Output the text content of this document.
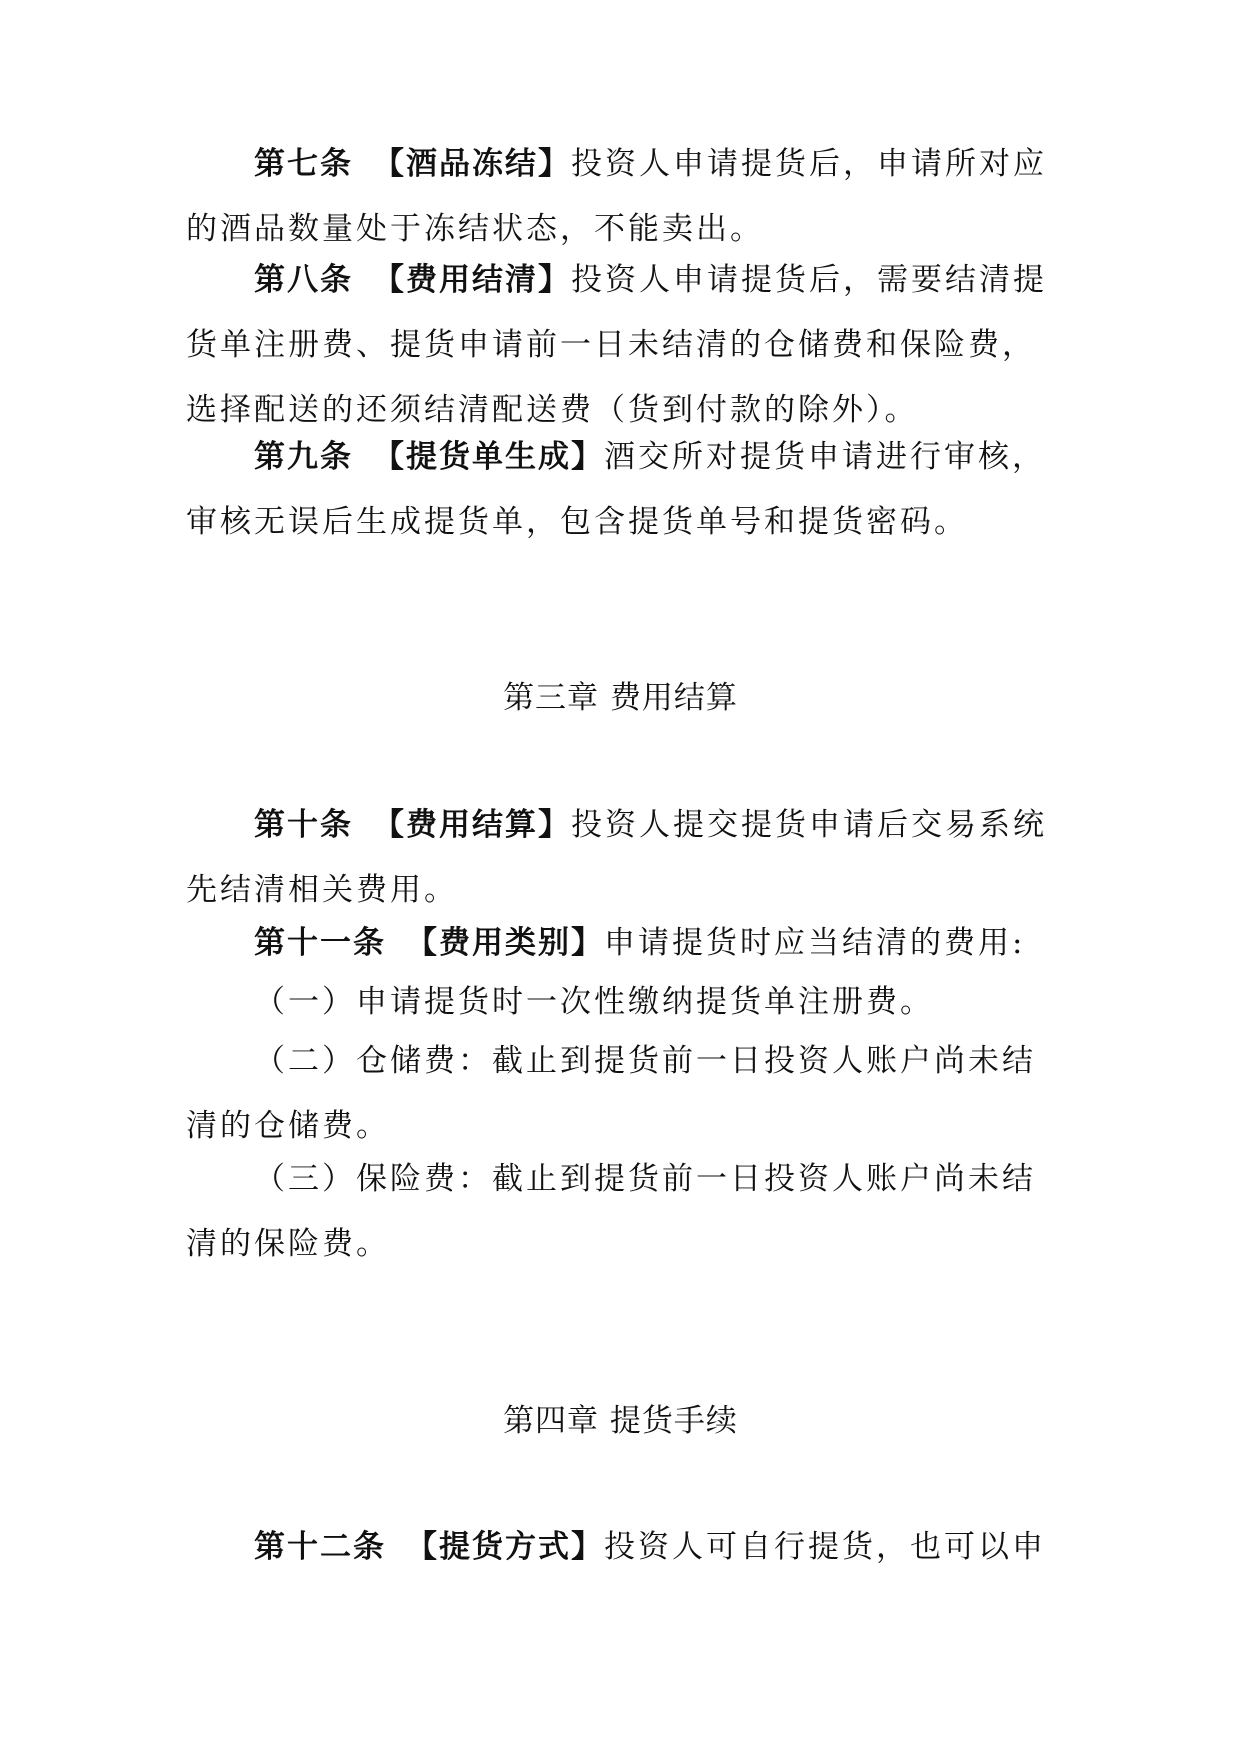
第七条 【酒品冻结】投资人申请提货后，申请所对应的酒品数量处于冻结状态，不能卖出。

第八条 【费用结清】投资人申请提货后，需要结清提货单注册费、提货申请前一日未结清的仓储费和保险费，选择配送的还须结清配送费（货到付款的除外）。

第九条 【提货单生成】酒交所对提货申请进行审核，审核无误后生成提货单，包含提货单号和提货密码。

第三章 费用结算

第十条 【费用结算】投资人提交提货申请后交易系统先结清相关费用。

第十一条 【费用类别】申请提货时应当结清的费用:

（一）申请提货时一次性缴纳提货单注册费。

（二）仓储费：截止到提货前一日投资人账户尚未结清的仓储费。

（三）保险费：截止到提货前一日投资人账户尚未结清的保险费。

第四章 提货手续

第十二条 【提货方式】投资人可自行提货，也可以申
